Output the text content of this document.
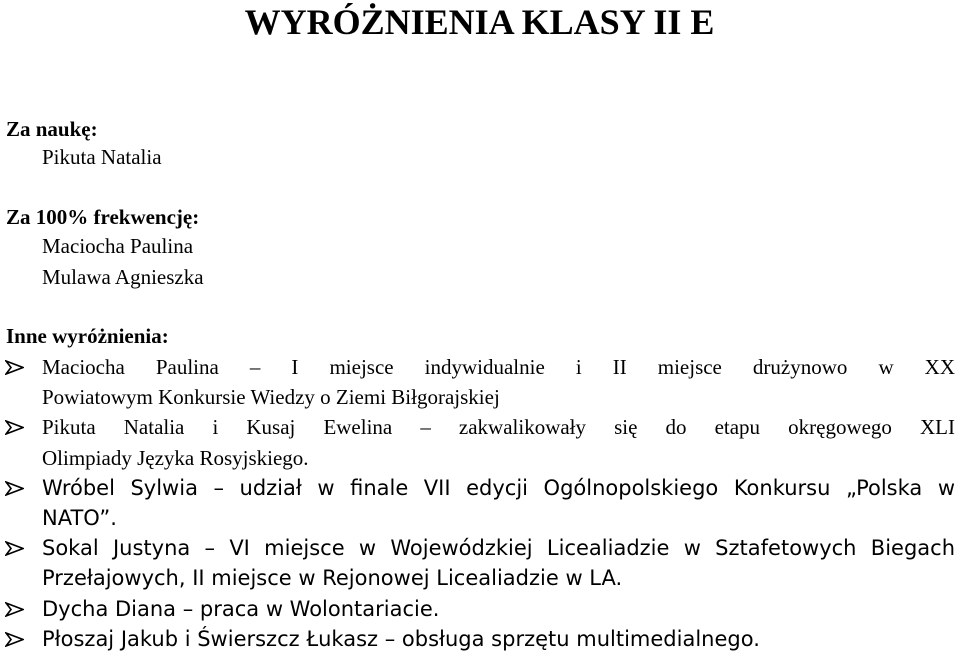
WYRÓŻNIENIA KLASY II E

Za naukę:

Pikuta Natalia

Za 100% frekwencję:

Maciocha Paulina

Mulawa Agnieszka

Inne wyróżnienia:

Maciocha Paulina – I miejsce indywidualnie i II miejsce drużynowo w XX
Powiatowym Konkursie Wiedzy o Ziemi Biłgorajskiej
Pikuta Natalia i Kusaj Ewelina – zakwalikowały się do etapu okręgowego XLI
Olimpiady Języka Rosyjskiego.
Wróbel Sylwia – udział w finale VII edycji Ogólnopolskiego Konkursu „Polska w
NATO”.
Sokal Justyna – VI miejsce w Wojewódzkiej Licealiadzie w Sztafetowych Biegach
Przełajowych, II miejsce w Rejonowej Licealiadzie w LA.
Dycha Diana – praca w Wolontariacie.
Płoszaj Jakub i Świerszcz Łukasz – obsługa sprzętu multimedialnego.
